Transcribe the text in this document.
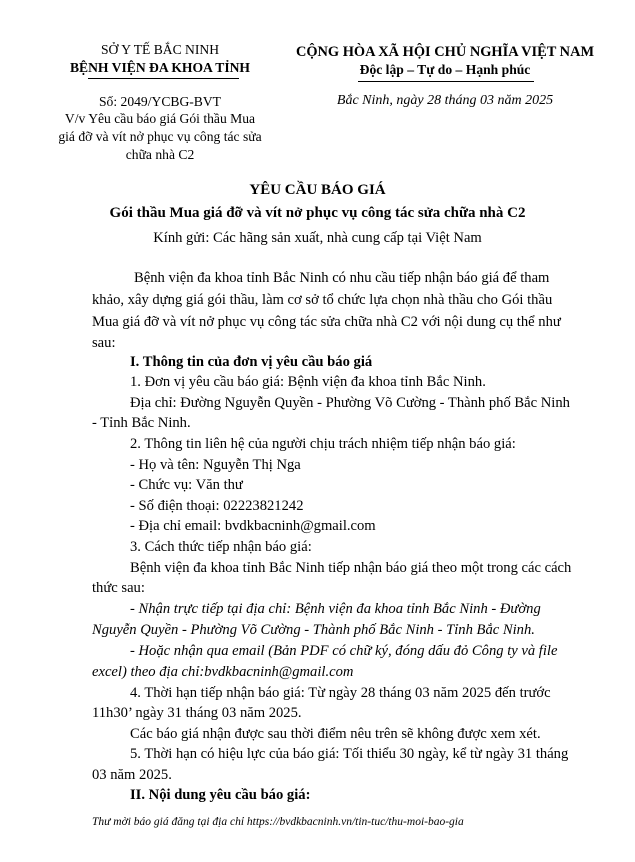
SỞ Y TẾ BẮC NINH
BỆNH VIỆN ĐA KHOA TỈNH
Số: 2049/YCBG-BVT
V/v Yêu cầu báo giá Gói thầu Mua
giá đỡ và vít nở phục vụ công tác sửa
chữa nhà C2
CỘNG HÒA XÃ HỘI CHỦ NGHĨA VIỆT NAM
Độc lập – Tự do – Hạnh phúc
Bắc Ninh, ngày 28 tháng 03 năm 2025
YÊU CẦU BÁO GIÁ
Gói thầu Mua giá đỡ và vít nở phục vụ công tác sửa chữa nhà C2
Kính gửi: Các hãng sản xuất, nhà cung cấp tại Việt Nam
Bệnh viện đa khoa tỉnh Bắc Ninh có nhu cầu tiếp nhận báo giá để tham
khảo, xây dựng giá gói thầu, làm cơ sở tổ chức lựa chọn nhà thầu cho Gói thầu
Mua giá đỡ và vít nở phục vụ công tác sửa chữa nhà C2 với nội dung cụ thể như
sau:
I. Thông tin của đơn vị yêu cầu báo giá
1. Đơn vị yêu cầu báo giá: Bệnh viện đa khoa tỉnh Bắc Ninh.
Địa chỉ: Đường Nguyễn Quyền - Phường Võ Cường - Thành phố Bắc Ninh
- Tỉnh Bắc Ninh.
2. Thông tin liên hệ của người chịu trách nhiệm tiếp nhận báo giá:
- Họ và tên: Nguyễn Thị Nga
- Chức vụ: Văn thư
- Số điện thoại: 02223821242
- Địa chỉ email: bvdkbacninh@gmail.com
3. Cách thức tiếp nhận báo giá:
Bệnh viện đa khoa tỉnh Bắc Ninh tiếp nhận báo giá theo một trong các cách
thức sau:
- Nhận trực tiếp tại địa chỉ: Bệnh viện đa khoa tỉnh Bắc Ninh - Đường
Nguyễn Quyền - Phường Võ Cường - Thành phố Bắc Ninh - Tỉnh Bắc Ninh.
- Hoặc nhận qua email (Bản PDF có chữ ký, đóng dấu đỏ Công ty và file
excel) theo địa chỉ:bvdkbacninh@gmail.com
4. Thời hạn tiếp nhận báo giá: Từ ngày 28 tháng 03 năm 2025 đến trước
11h30’ ngày 31 tháng 03 năm 2025.
Các báo giá nhận được sau thời điểm nêu trên sẽ không được xem xét.
5. Thời hạn có hiệu lực của báo giá: Tối thiểu 30 ngày, kể từ ngày 31 tháng
03 năm 2025.
II. Nội dung yêu cầu báo giá:
Thư mời báo giá đăng tại địa chỉ https://bvdkbacninh.vn/tin-tuc/thu-moi-bao-gia
